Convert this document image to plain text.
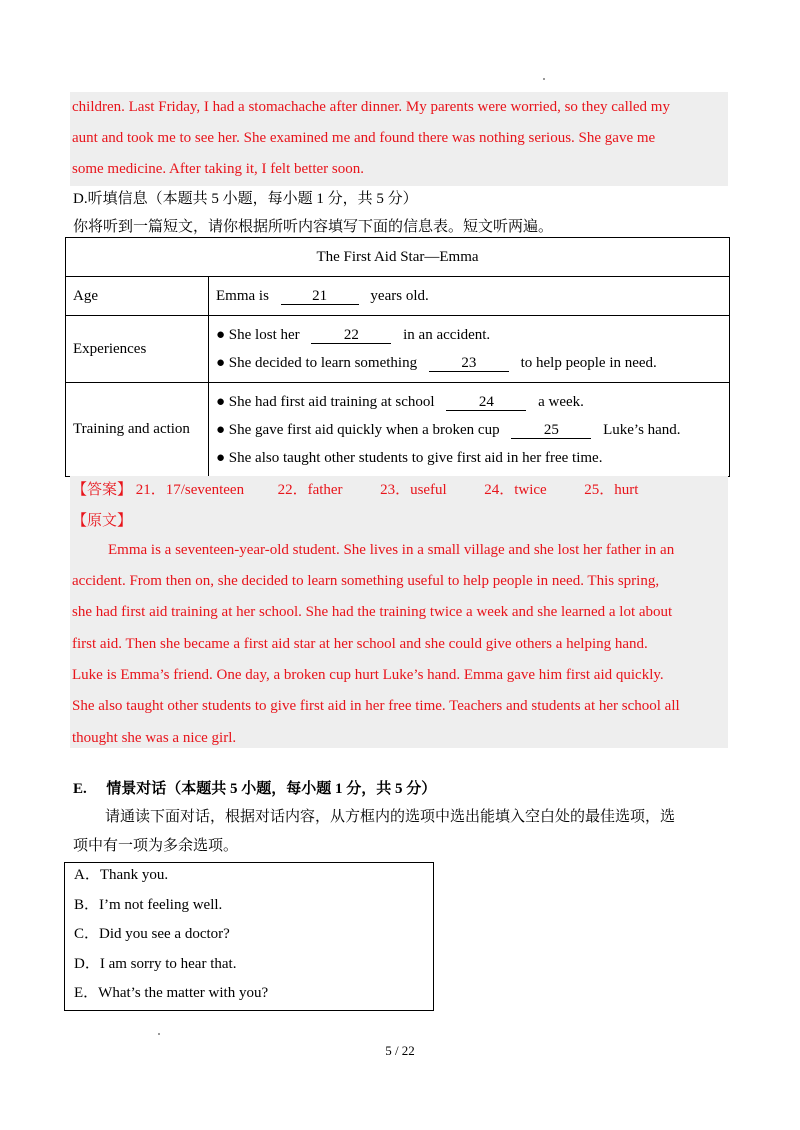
children. Last Friday, I had a stomachache after dinner. My parents were worried, so they called my
aunt and took me to see her. She examined me and found there was nothing serious. She gave me
some medicine. After taking it, I felt better soon.
D.听填信息（本题共 5 小题，每小题 1 分，共 5 分）
你将听到一篇短文，请你根据所听内容填写下面的信息表。短文听两遍。
The First Aid Star—Emma	
Age	Emma is 21 years old.

Experiences	● She lost her 22 in an accident.
● She decided to learn something 23 to help people in need.

Training and action	● She had first aid training at school 24 a week.
● She gave first aid quickly when a broken cup 25 Luke’s hand.
● She also taught other students to give first aid in her free time.
【答案】 21．17/seventeen 22．father	23．useful	24．twice	25．hurt
【原文】
Emma is a seventeen-year-old student. She lives in a small village and she lost her father in an
accident. From then on, she decided to learn something useful to help people in need. This spring,
she had first aid training at her school. She had the training twice a week and she learned a lot about
first aid. Then she became a first aid star at her school and she could give others a helping hand.
Luke is Emma’s friend. One day, a broken cup hurt Luke’s hand. Emma gave him first aid quickly.
She also taught other students to give first aid in her free time. Teachers and students at her school all
thought she was a nice girl.
E. 情景对话（本题共 5 小题，每小题 1 分，共 5 分）
请通读下面对话，根据对话内容，从方框内的选项中选出能填入空白处的最佳选项，选
项中有一项为多余选项。
A．Thank you.
B．I’m not feeling well.
C．Did you see a doctor?
D．I am sorry to hear that.
E．What’s the matter with you?
5 / 22
